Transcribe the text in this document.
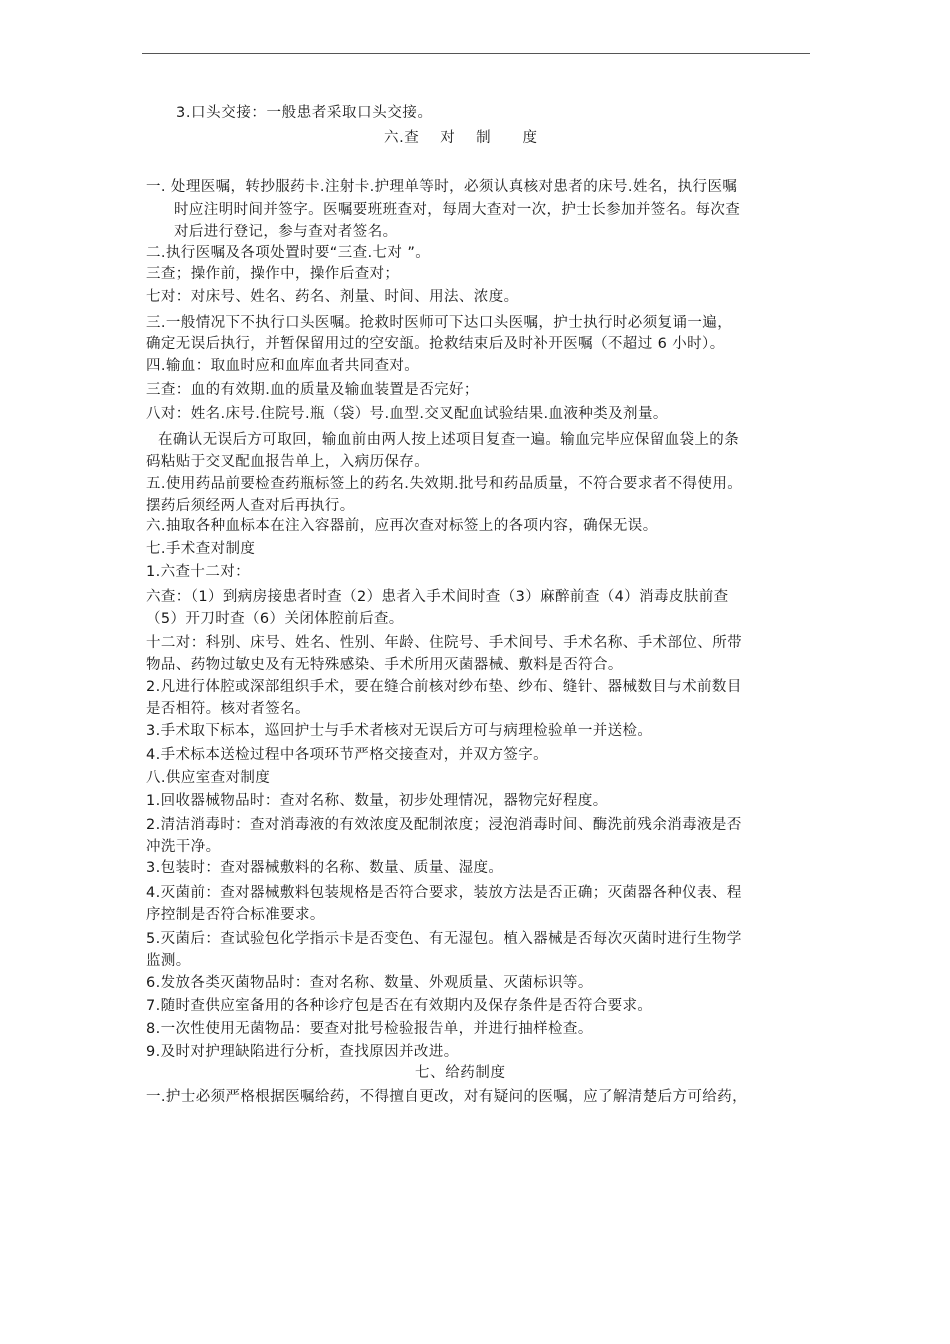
3.口头交接：一般患者采取口头交接。
六.查    对    制      度
一. 处理医嘱，转抄服药卡.注射卡.护理单等时，必须认真核对患者的床号.姓名，执行医嘱
时应注明时间并签字。医嘱要班班查对，每周大查对一次，护士长参加并签名。每次查
对后进行登记，参与查对者签名。
二.执行医嘱及各项处置时要“三查.七对 ”。
三查；操作前，操作中，操作后查对；
七对：对床号、姓名、药名、剂量、时间、用法、浓度。
三.一般情况下不执行口头医嘱。抢救时医师可下达口头医嘱，护士执行时必须复诵一遍，
确定无误后执行，并暂保留用过的空安瓿。抢救结束后及时补开医嘱（不超过 6 小时）。
四.输血：取血时应和血库血者共同查对。
三查：血的有效期.血的质量及输血装置是否完好；
八对：姓名.床号.住院号.瓶（袋）号.血型.交叉配血试验结果.血液种类及剂量。
在确认无误后方可取回，输血前由两人按上述项目复查一遍。输血完毕应保留血袋上的条
码粘贴于交叉配血报告单上，入病历保存。
五.使用药品前要检查药瓶标签上的药名.失效期.批号和药品质量，不符合要求者不得使用。
摆药后须经两人查对后再执行。
六.抽取各种血标本在注入容器前，应再次查对标签上的各项内容，确保无误。
七.手术查对制度
1.六查十二对：
六查：（1）到病房接患者时查（2）患者入手术间时查（3）麻醉前查（4）消毒皮肤前查
（5）开刀时查（6）关闭体腔前后查。
十二对：科别、床号、姓名、性别、年龄、住院号、手术间号、手术名称、手术部位、所带
物品、药物过敏史及有无特殊感染、手术所用灭菌器械、敷料是否符合。
2.凡进行体腔或深部组织手术，要在缝合前核对纱布垫、纱布、缝针、器械数目与术前数目
是否相符。核对者签名。
3.手术取下标本，巡回护士与手术者核对无误后方可与病理检验单一并送检。
4.手术标本送检过程中各项环节严格交接查对，并双方签字。
八.供应室查对制度
1.回收器械物品时：查对名称、数量，初步处理情况，器物完好程度。
2.清洁消毒时：查对消毒液的有效浓度及配制浓度；浸泡消毒时间、酶洗前残余消毒液是否
冲洗干净。
3.包装时：查对器械敷料的名称、数量、质量、湿度。
4.灭菌前：查对器械敷料包装规格是否符合要求，装放方法是否正确；灭菌器各种仪表、程
序控制是否符合标准要求。
5.灭菌后：查试验包化学指示卡是否变色、有无湿包。植入器械是否每次灭菌时进行生物学
监测。
6.发放各类灭菌物品时：查对名称、数量、外观质量、灭菌标识等。
7.随时查供应室备用的各种诊疗包是否在有效期内及保存条件是否符合要求。
8.一次性使用无菌物品：要查对批号检验报告单，并进行抽样检查。
9.及时对护理缺陷进行分析，查找原因并改进。
七、给药制度
一.护士必须严格根据医嘱给药，不得擅自更改，对有疑问的医嘱，应了解清楚后方可给药，
